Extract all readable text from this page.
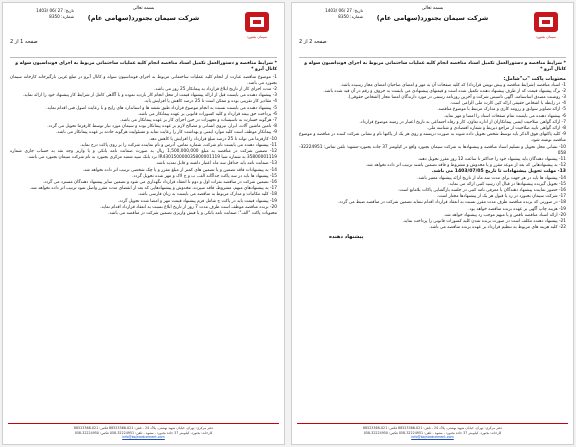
سیمان بجنورد
بسمه تعالی
شرکت سیمان بجنورد(سهامی عام)
تاریخ: 27 /06 /1403
شماره: 8350
صفحه 2 از 2
* شرایط مناقصه و دستورالعمل تکمیل اسناد مناقصه انجام کلیه عملیات ساختمانی مربوط به اجرای فونداسیون سوله و کانال آبرو *
محتویات پاکت "ب"شامل:
1- اسناد مناقصه (شرایط مناقصه و پیش نویس قرارداد) که کلیه صفحات آن به مهر و امضای صاحبان امضای مجاز رسیده باشد.
2- برگ پیشنهاد قیمت که از طرف پیشنهاد دهنده تکمیل شده است و قیمتهای پیشنهادی می بایست به حروف و رقم در آن قید شده باشد.
3- روشنت مصدق اساسنامه، آگهی تاسیس شرکت و آخرین روزنامه رسمی در مورد دارندگان امضا مجاز (اشخاص حقوقی).
4- در رابطه با اشخاص حقیقی ارائه کپی کارت ملی الزامی است.
5- ارائه تصاویر سوابق و رزومه کاری و مدارک مرتبط با موضوع مناقصه.
6- پیشنهاد دهنده می بایست تمام صفحات اسناد را امضا و مهر نماید.
7- ارائه گواهی صلاحیت ایمنی پیمانکاران از اداره تعاون، کار و رفاه اجتماعی به تاریخ اعتبار در زمینه موضوع قرارداد.
8- ارائه گواهی تایید صلاحیت از مراجع ذیربط و شماره اقتصادی و شناسه ملی.
9- کلیه پاکتهای فوق الذکر باید توسط شخص تحویل داده شوند به صورت دربسته و روی هر یک از پاکتها نام و نشانی شرکت کننده در مناقصه و موضوع مناقصه نوشته شود.
10- نشانی محل تحویل و تسلیم اسناد مناقصه و پیشنهادها به شرکت سیمان بجنورد واقع در کیلومتر 37 جاده بجنورد-مشهد؛ تلفن تماس: 32224951-058
11- پیشنهاد دهندگان باید پیشنهاد خود را حداکثر تا ساعت 12 روز مقرر تحویل دهند.
12- به پیشنهادهایی که بعد از موعد مقرر و یا مخدوش و مشروط و فاقد تضمین باشند ترتیب اثر داده نخواهد شد.
13- مهلت تحویل پیشنهادات تا تاریخ 1403/07/05 می باشد.
14- پیشنهاد ها باید در هر جهت برای مدت سه ماه از تاریخ ارائه پیشنهاد معتبر باشد.
15- تحویل گیرنده پیشنهادها در قبال آن رسید کتبی ارائه می نماید.
16- حضور نماینده پیشنهاد دهندگان با معرفی نامه کتبی در جلسه بازگشایی پاکات بلامانع است.
17- شرکت سیمان بجنورد در رد یا قبول هر یک از پیشنهادها مختار است.
18- در صورتی که برنده مناقصه ظرف مدت مقرر نسبت به انعقاد قرارداد اقدام ننماید تضمین شرکت در مناقصه ضبط می گردد.
19- هزینه چاپ آگهی بر عهده برنده مناقصه خواهد بود.
20- ارائه اسناد مناقصه ناقص و یا مبهم موجب رد پیشنهاد خواهد شد.
21- پیشنهاد دهنده مکلف است در صورت برنده شدن کلیه کسورات قانونی را پرداخت نماید.
22- کلیه هزینه های مربوط به تنظیم قرارداد بر عهده برنده مناقصه می باشد.
پیشنهاد دهنده
دفتر مرکزی: تهران، خیابان شهید بهشتی، پلاک 24 - تلفن: 021-88523366 فکس: 021-88523368
کارخانه: بجنورد، کیلومتر 37 جاده بجنورد - مشهد - تلفن: 32224951-058 فکس: 32224950-058
info@bojnordcement.com
سیمان بجنورد
بسمه تعالی
شرکت سیمان بجنورد(سهامی عام)
تاریخ: 27 /06 /1403
شماره: 8350
صفحه 1 از 2
* شرایط مناقصه و دستورالعمل تکمیل اسناد مناقصه انجام کلیه عملیات ساختمانی مربوط به اجرای فونداسیون سوله و کانال آبرو *
1- موضوع مناقصه عبارت از انجام کلیه عملیات ساختمانی مربوط به اجرای فونداسیون سوله و کانال آبرو در ضلع غربی بارگیرخانه کارخانه سیمان بجنورد می باشد.
2- مدت اجرای کار از تاریخ ابلاغ قرارداد به پیمانکار 25 روز می باشد.
3- پیشنهاد دهنده می بایست قبل از ارائه پیشنهاد قیمت از محل انجام کار بازدید نموده و با آگاهی کامل از شرایط کار پیشنهاد خود را ارائه نماید.
4- مقادیر کار تقریبی بوده و ممکن است تا 25 درصد کاهش یا افزایش یابد.
5- پیشنهاد دهنده می بایست نسبت به انجام موضوع قرارداد طبق نقشه ها و استاندارد های رایج و با رعایت اصول فنی اقدام نماید.
6- پرداخت حق بیمه قرارداد و کلیه کسورات قانونی بر عهده پیمانکار می باشد.
7- هرگونه خسارت به تاسیسات و تجهیزات در حین اجرای کار بر عهده پیمانکار می باشد.
8- تامین ماشین آلات، ابزار، نیروی انسانی و مصالح لازم بر عهده پیمانکار بوده و سیمان مورد نیاز توسط کارفرما تحویل می گردد.
9- پیمانکار موظف است کلیه موارد ایمنی و بهداشت کار را رعایت نماید و مسئولیت هرگونه حادثه بر عهده پیمانکار می باشد.
10- کارفرما می تواند تا 25 درصد مبلغ قرارداد را افزایش یا کاهش دهد.
11- پیشنهاد دهنده می بایست نام شرکت، شماره تماس، آدرس و نام نماینده شرکت را بر روی پاکت درج نماید.
12- تضمین شرکت در مناقصه به مبلغ 1,500,000,000 ریال به صورت ضمانت نامه بانکی و یا واریز وجه نقد به حساب جاری شماره 35800001119 به شماره شبا IR430150000035800001119 نزد بانک سپه شعبه مرکزی بجنورد به نام شرکت سیمان بجنورد می باشد.
13- ضمانت نامه باید حداقل سه ماه اعتبار داشته و قابل تمدید باشد.
14- به پیشنهادات فاقد تضمین و یا تضمین های کمتر از مبلغ مقرر و یا چک شخصی ترتیب اثر داده نخواهد شد.
15- پیشنهاد ها باید در سه پاکت جداگانه الف، ب و ج لاک و مهر شده تحویل گردد.
16- تضمین شرکت در مناقصه نفرات اول و دوم تا انعقاد قرارداد نگهداری می شود و تضمین سایر پیشنهاد دهندگان مسترد می گردد.
17- به پیشنهادهای مبهم، مشروط، فاقد سپرده، مخدوش و پیشنهادهایی که بعد از انقضای مدت مقرر واصل شود ترتیب اثر داده نخواهد شد.
18- کلیه مکاتبات و مدارک مربوط به مناقصه می بایست به زبان فارسی باشد.
19- پیشنهاد قیمت باید در پاکت ج شامل فرم پیشنهاد قیمت مهر و امضا شده تحویل گردد.
20- برنده مناقصه موظف است ظرف مدت 7 روز از تاریخ ابلاغ نسبت به انعقاد قرارداد اقدام نماید.
محتویات پاکت "الف": ضمانت نامه بانکی و یا فیش واریزی تضمین شرکت در مناقصه می باشد.
دفتر مرکزی: تهران، خیابان شهید بهشتی، پلاک 24 - تلفن: 021-88523366 فکس: 021-88523368
کارخانه: بجنورد، کیلومتر 37 جاده بجنورد - مشهد - تلفن: 32224951-058 فکس: 32224950-058
info@bojnordcement.com
